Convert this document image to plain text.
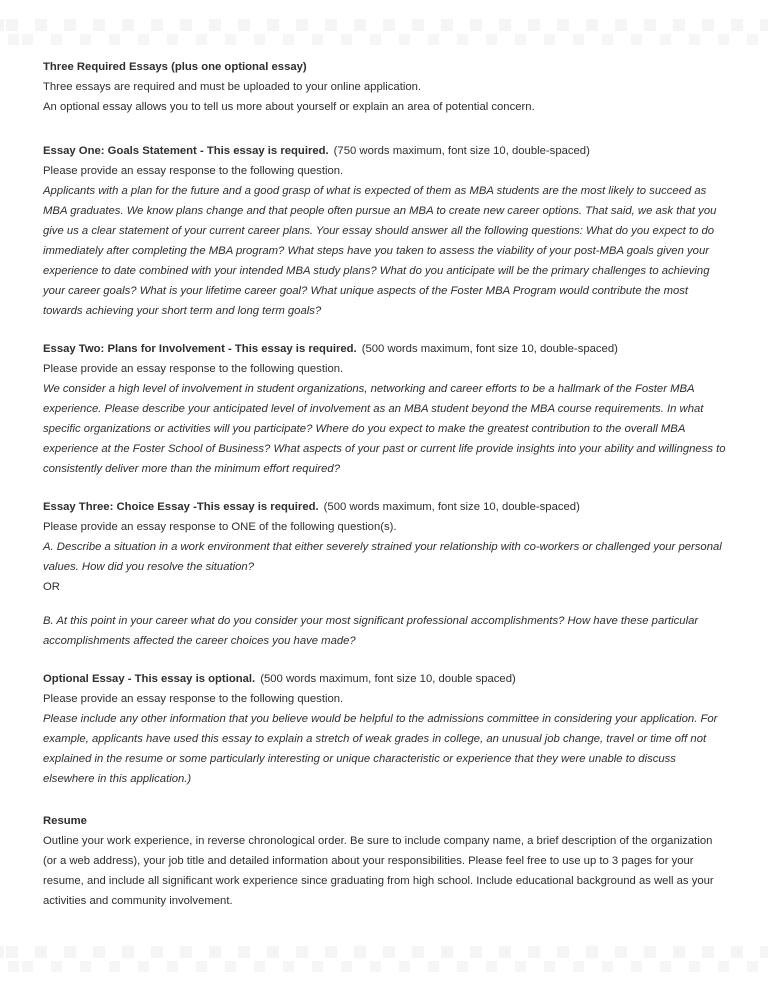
Three Required Essays (plus one optional essay)

Three essays are required and must be uploaded to your online application.

An optional essay allows you to tell us more about yourself or explain an area of potential concern.

Essay One: Goals Statement - This essay is required. (750 words maximum, font size 10, double-spaced)

Please provide an essay response to the following question.

Applicants with a plan for the future and a good grasp of what is expected of them as MBA students are the most likely to succeed as MBA graduates. We know plans change and that people often pursue an MBA to create new career options. That said, we ask that you give us a clear statement of your current career plans. Your essay should answer all the following questions: What do you expect to do immediately after completing the MBA program? What steps have you taken to assess the viability of your post-MBA goals given your experience to date combined with your intended MBA study plans? What do you anticipate will be the primary challenges to achieving your career goals? What is your lifetime career goal? What unique aspects of the Foster MBA Program would contribute the most towards achieving your short term and long term goals?

Essay Two: Plans for Involvement - This essay is required. (500 words maximum, font size 10, double-spaced)

Please provide an essay response to the following question.

We consider a high level of involvement in student organizations, networking and career efforts to be a hallmark of the Foster MBA experience. Please describe your anticipated level of involvement as an MBA student beyond the MBA course requirements. In what specific organizations or activities will you participate? Where do you expect to make the greatest contribution to the overall MBA experience at the Foster School of Business? What aspects of your past or current life provide insights into your ability and willingness to consistently deliver more than the minimum effort required?

Essay Three: Choice Essay -This essay is required. (500 words maximum, font size 10, double-spaced)

Please provide an essay response to ONE of the following question(s).

A. Describe a situation in a work environment that either severely strained your relationship with co-workers or challenged your personal values. How did you resolve the situation?

OR

B. At this point in your career what do you consider your most significant professional accomplishments? How have these particular accomplishments affected the career choices you have made?

Optional Essay - This essay is optional. (500 words maximum, font size 10, double spaced)

Please provide an essay response to the following question.

Please include any other information that you believe would be helpful to the admissions committee in considering your application. For example, applicants have used this essay to explain a stretch of weak grades in college, an unusual job change, travel or time off not explained in the resume or some particularly interesting or unique characteristic or experience that they were unable to discuss elsewhere in this application.)

Resume

Outline your work experience, in reverse chronological order. Be sure to include company name, a brief description of the organization (or a web address), your job title and detailed information about your responsibilities. Please feel free to use up to 3 pages for your resume, and include all significant work experience since graduating from high school. Include educational background as well as your activities and community involvement.
